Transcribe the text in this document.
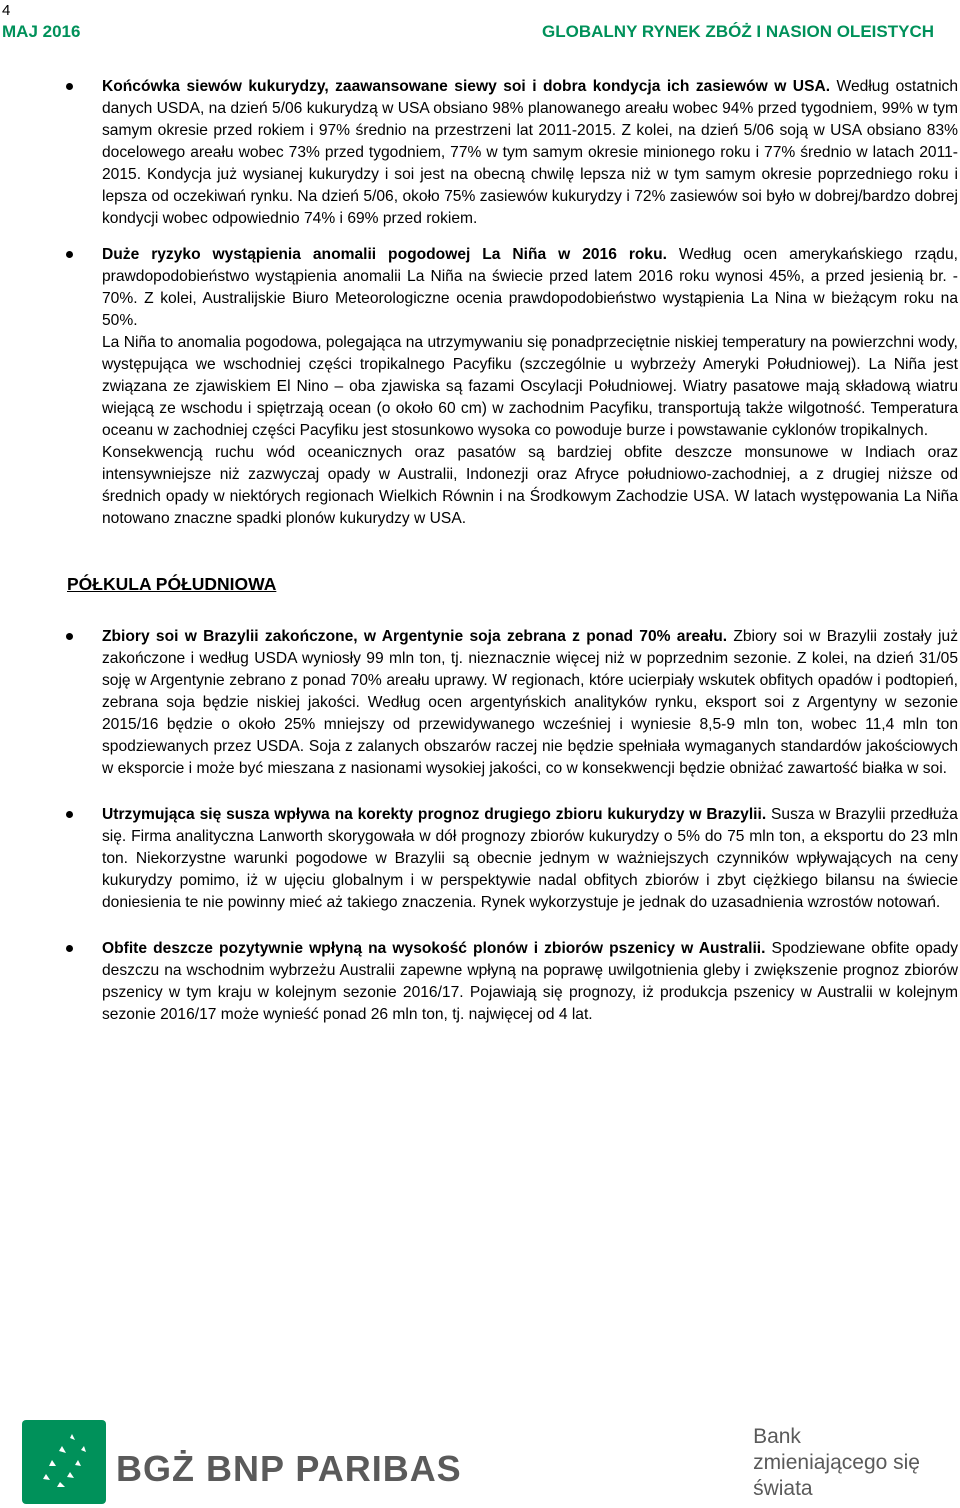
4
MAJ 2016	GLOBALNY RYNEK ZBÓŻ I NASION OLEISTYCH

Końcówka siewów kukurydzy, zaawansowane siewy soi i dobra kondycja ich zasiewów w USA. Według ostatnich danych USDA, na dzień 5/06 kukurydzą w USA obsiano 98% planowanego areału wobec 94% przed tygodniem, 99% w tym samym okresie przed rokiem i 97% średnio na przestrzeni lat 2011-2015. Z kolei, na dzień 5/06 soją w USA obsiano 83% docelowego areału wobec 73% przed tygodniem, 77% w tym samym okresie minionego roku i 77% średnio w latach 2011-2015. Kondycja już wysianej kukurydzy i soi jest na obecną chwilę lepsza niż w tym samym okresie poprzedniego roku i lepsza od oczekiwań rynku. Na dzień 5/06, około 75% zasiewów kukurydzy i 72% zasiewów soi było w dobrej/bardzo dobrej kondycji wobec odpowiednio 74% i 69% przed rokiem.

Duże ryzyko wystąpienia anomalii pogodowej La Niña w 2016 roku. Według ocen amerykańskiego rządu, prawdopodobieństwo wystąpienia anomalii La Niña na świecie przed latem 2016 roku wynosi 45%, a przed jesienią br. - 70%. Z kolei, Australijskie Biuro Meteorologiczne ocenia prawdopodobieństwo wystąpienia La Nina w bieżącym roku na 50%.

La Niña to anomalia pogodowa, polegająca na utrzymywaniu się ponadprzeciętnie niskiej temperatury na powierzchni wody, występująca we wschodniej części tropikalnego Pacyfiku (szczególnie u wybrzeży Ameryki Południowej). La Niña jest związana ze zjawiskiem El Nino – oba zjawiska są fazami Oscylacji Południowej. Wiatry pasatowe mają składową wiatru wiejącą ze wschodu i spiętrzają ocean (o około 60 cm) w zachodnim Pacyfiku, transportują także wilgotność. Temperatura oceanu w zachodniej części Pacyfiku jest stosunkowo wysoka co powoduje burze i powstawanie cyklonów tropikalnych.

Konsekwencją ruchu wód oceanicznych oraz pasatów są bardziej obfite deszcze monsunowe w Indiach oraz intensywniejsze niż zazwyczaj opady w Australii, Indonezji oraz Afryce południowo-zachodniej, a z drugiej niższe od średnich opady w niektórych regionach Wielkich Równin i na Środkowym Zachodzie USA. W latach występowania La Niña notowano znaczne spadki plonów kukurydzy w USA.

PÓŁKULA PÓŁUDNIOWA

Zbiory soi w Brazylii zakończone, w Argentynie soja zebrana z ponad 70% areału. Zbiory soi w Brazylii zostały już zakończone i według USDA wyniosły 99 mln ton, tj. nieznacznie więcej niż w poprzednim sezonie. Z kolei, na dzień 31/05 soję w Argentynie zebrano z ponad 70% areału uprawy. W regionach, które ucierpiały wskutek obfitych opadów i podtopień, zebrana soja będzie niskiej jakości. Według ocen argentyńskich analityków rynku, eksport soi z Argentyny w sezonie 2015/16 będzie o około 25% mniejszy od przewidywanego wcześniej i wyniesie 8,5-9 mln ton, wobec 11,4 mln ton spodziewanych przez USDA. Soja z zalanych obszarów raczej nie będzie spełniała wymaganych standardów jakościowych w eksporcie i może być mieszana z nasionami wysokiej jakości, co w konsekwencji będzie obniżać zawartość białka w soi.

Utrzymująca się susza wpływa na korekty prognoz drugiego zbioru kukurydzy w Brazylii. Susza w Brazylii przedłuża się. Firma analityczna Lanworth skorygowała w dół prognozy zbiorów kukurydzy o 5% do 75 mln ton, a eksportu do 23 mln ton. Niekorzystne warunki pogodowe w Brazylii są obecnie jednym w ważniejszych czynników wpływających na ceny kukurydzy pomimo, iż w ujęciu globalnym i w perspektywie nadal obfitych zbiorów i zbyt ciężkiego bilansu na świecie doniesienia te nie powinny mieć aż takiego znaczenia. Rynek wykorzystuje je jednak do uzasadnienia wzrostów notowań.

Obfite deszcze pozytywnie wpłyną na wysokość plonów i zbiorów pszenicy w Australii. Spodziewane obfite opady deszczu na wschodnim wybrzeżu Australii zapewne wpłyną na poprawę uwilgotnienia gleby i zwiększenie prognoz zbiorów pszenicy w tym kraju w kolejnym sezonie 2016/17. Pojawiają się prognozy, iż produkcja pszenicy w Australii w kolejnym sezonie 2016/17 może wynieść ponad 26 mln ton, tj. najwięcej od 4 lat.

BGŻ BNP PARIBAS
Bank
zmieniającego się
świata
